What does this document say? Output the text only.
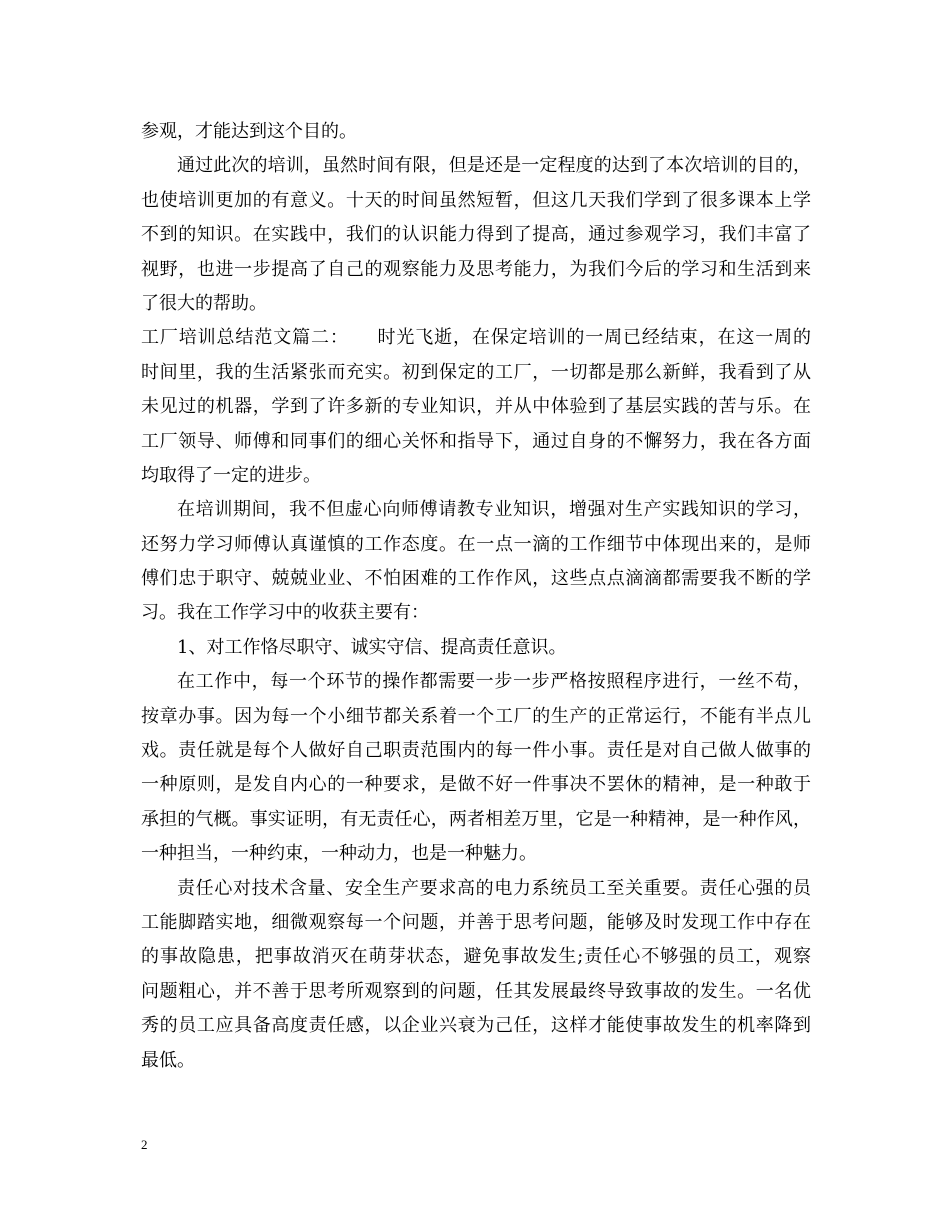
参观，才能达到这个目的。
通过此次的培训，虽然时间有限，但是还是一定程度的达到了本次培训的目的，
也使培训更加的有意义。十天的时间虽然短暂，但这几天我们学到了很多课本上学
不到的知识。在实践中，我们的认识能力得到了提高，通过参观学习，我们丰富了
视野，也进一步提高了自己的观察能力及思考能力，为我们今后的学习和生活到来
了很大的帮助。
工厂培训总结范文篇二：　　时光飞逝，在保定培训的一周已经结束，在这一周的
时间里，我的生活紧张而充实。初到保定的工厂，一切都是那么新鲜，我看到了从
未见过的机器，学到了许多新的专业知识，并从中体验到了基层实践的苦与乐。在
工厂领导、师傅和同事们的细心关怀和指导下，通过自身的不懈努力，我在各方面
均取得了一定的进步。
在培训期间，我不但虚心向师傅请教专业知识，增强对生产实践知识的学习，
还努力学习师傅认真谨慎的工作态度。在一点一滴的工作细节中体现出来的，是师
傅们忠于职守、兢兢业业、不怕困难的工作作风，这些点点滴滴都需要我不断的学
习。我在工作学习中的收获主要有：
1、对工作恪尽职守、诚实守信、提高责任意识。
在工作中，每一个环节的操作都需要一步一步严格按照程序进行，一丝不苟，
按章办事。因为每一个小细节都关系着一个工厂的生产的正常运行，不能有半点儿
戏。责任就是每个人做好自己职责范围内的每一件小事。责任是对自己做人做事的
一种原则，是发自内心的一种要求，是做不好一件事决不罢休的精神，是一种敢于
承担的气概。事实证明，有无责任心，两者相差万里，它是一种精神，是一种作风，
一种担当，一种约束，一种动力，也是一种魅力。
责任心对技术含量、安全生产要求高的电力系统员工至关重要。责任心强的员
工能脚踏实地，细微观察每一个问题，并善于思考问题，能够及时发现工作中存在
的事故隐患，把事故消灭在萌芽状态，避免事故发生;责任心不够强的员工，观察
问题粗心，并不善于思考所观察到的问题，任其发展最终导致事故的发生。一名优
秀的员工应具备高度责任感，以企业兴衰为己任，这样才能使事故发生的机率降到
最低。
2
